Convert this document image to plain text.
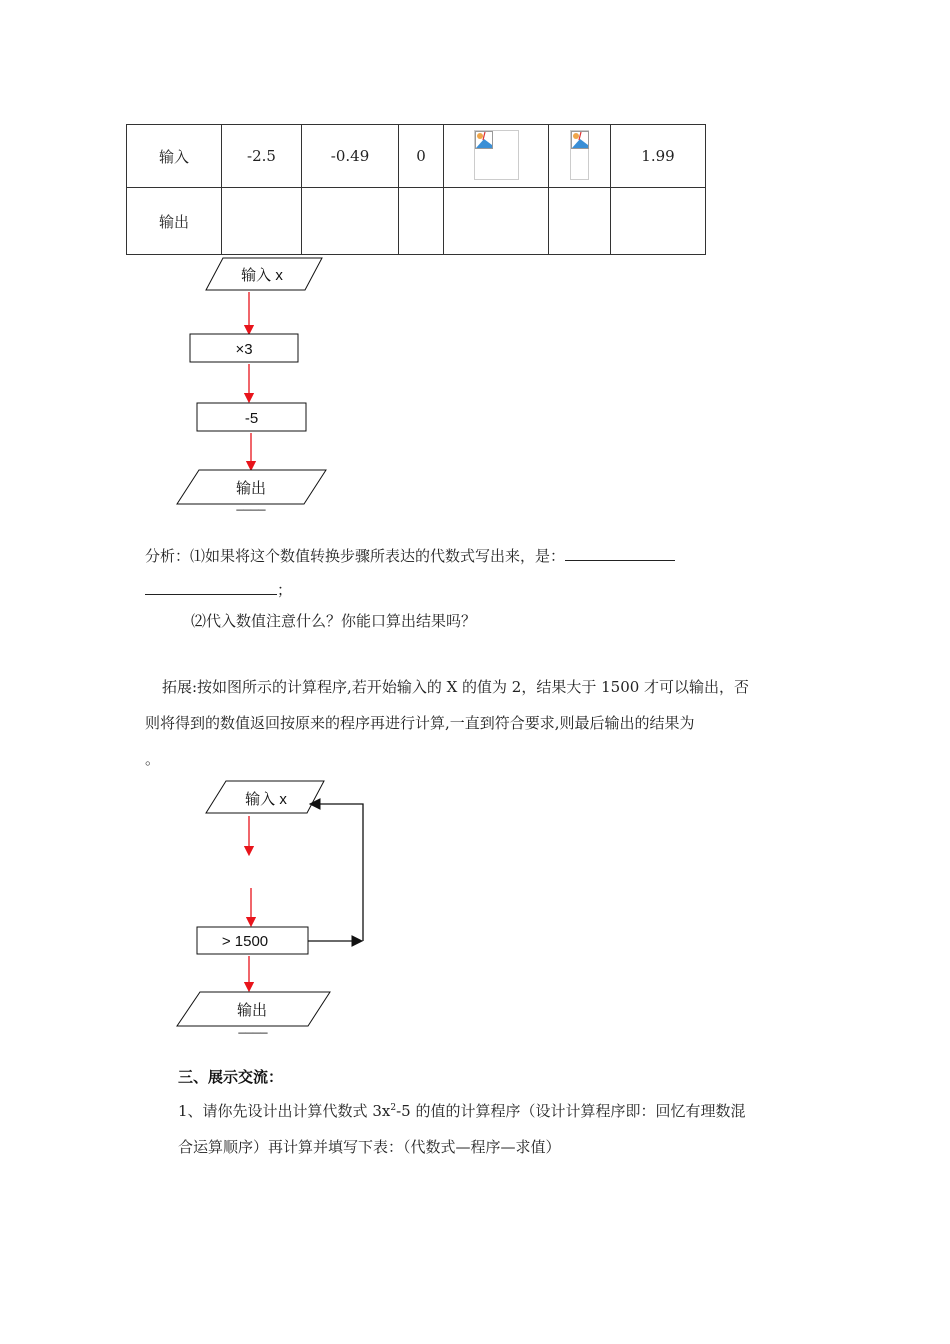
输入	-2.5	-0.49	0			1.99
输出						
输入 x
×3
-5
输出
____
分析：⑴如果将这个数值转换步骤所表达的代数式写出来，是：
；
⑵代入数值注意什么？你能口算出结果吗？
拓展:按如图所示的计算程序,若开始输入的 X 的值为 2，结果大于 1500 才可以输出，否
则将得到的数值返回按原来的程序再进行计算,一直到符合要求,则最后输出的结果为
。
输入 x
˃ 1500
输出
____
三、展示交流：
1、请你先设计出计算代数式 $3x^2-5$ 的值的计算程序（设计计算程序即：回忆有理数混
合运算顺序）再计算并填写下表：（代数式—程序—求值）
